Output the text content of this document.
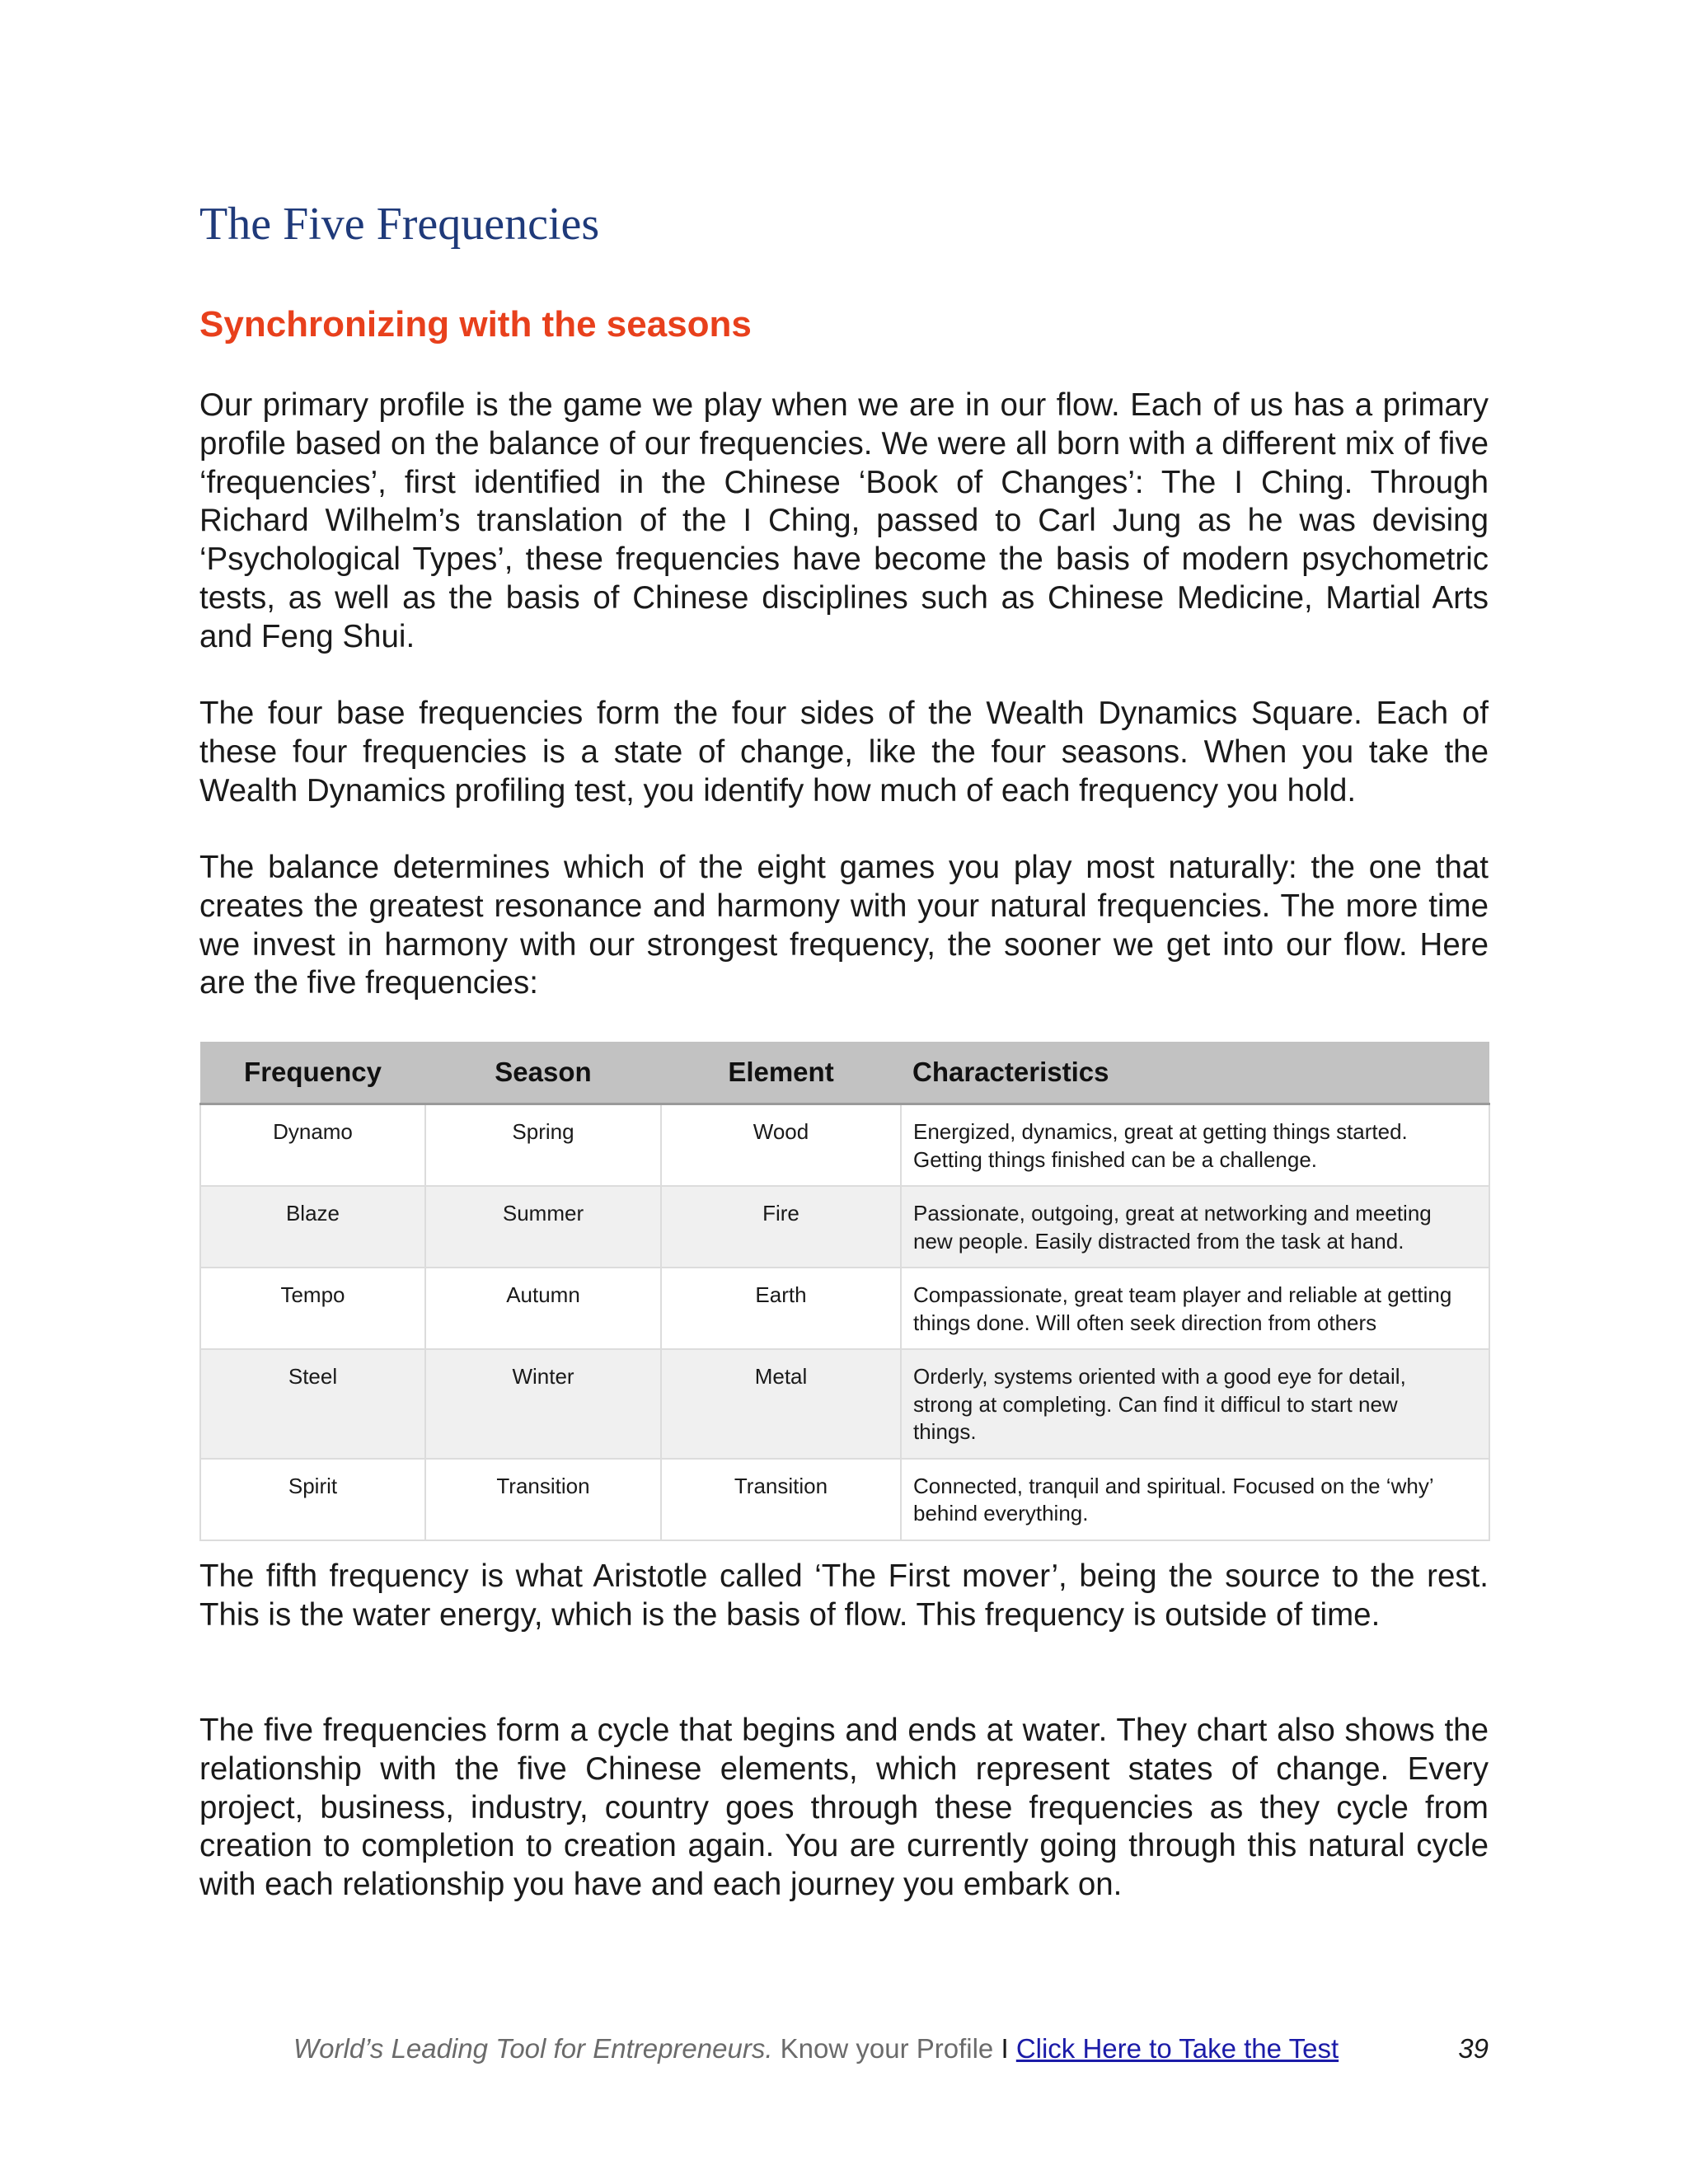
The Five Frequencies
Synchronizing with the seasons

Our primary profile is the game we play when we are in our flow. Each of us has a primary profile based on the balance of our frequencies. We were all born with a different mix of five ‘frequencies’, first identified in the Chinese ‘Book of Changes’: The I Ching. Through Richard Wilhelm’s translation of the I Ching, passed to Carl Jung as he was devising ‘Psychological Types’, these frequencies have become the basis of modern psychometric tests, as well as the basis of Chinese disciplines such as Chinese Medicine, Martial Arts and Feng Shui.

The four base frequencies form the four sides of the Wealth Dynamics Square. Each of these four frequencies is a state of change, like the four seasons. When you take the Wealth Dynamics profiling test, you identify how much of each frequency you hold.

The balance determines which of the eight games you play most naturally: the one that creates the greatest resonance and harmony with your natural frequencies. The more time we invest in harmony with our strongest frequency, the sooner we get into our flow. Here are the five frequencies:

Frequency	Season	Element	Characteristics
Dynamo	Spring	Wood	Energized, dynamics, great at getting things started. Getting things finished can be a challenge.
Blaze	Summer	Fire	Passionate, outgoing, great at networking and meeting new people. Easily distracted from the task at hand.
Tempo	Autumn	Earth	Compassionate, great team player and reliable at getting things done. Will often seek direction from others
Steel	Winter	Metal	Orderly, systems oriented with a good eye for detail, strong at completing. Can find it difficul to start new things.
Spirit	Transition	Transition	Connected, tranquil and spiritual. Focused on the ‘why’ behind everything.

The fifth frequency is what Aristotle called ‘The First mover’, being the source to the rest. This is the water energy, which is the basis of flow. This frequency is outside of time.

The five frequencies form a cycle that begins and ends at water. They chart also shows the relationship with the five Chinese elements, which represent states of change. Every project, business, industry, country goes through these frequencies as they cycle from creation to completion to creation again. You are currently going through this natural cycle with each relationship you have and each journey you embark on.

World’s Leading Tool for Entrepreneurs. Know your Profile I Click Here to Take the Test	39
